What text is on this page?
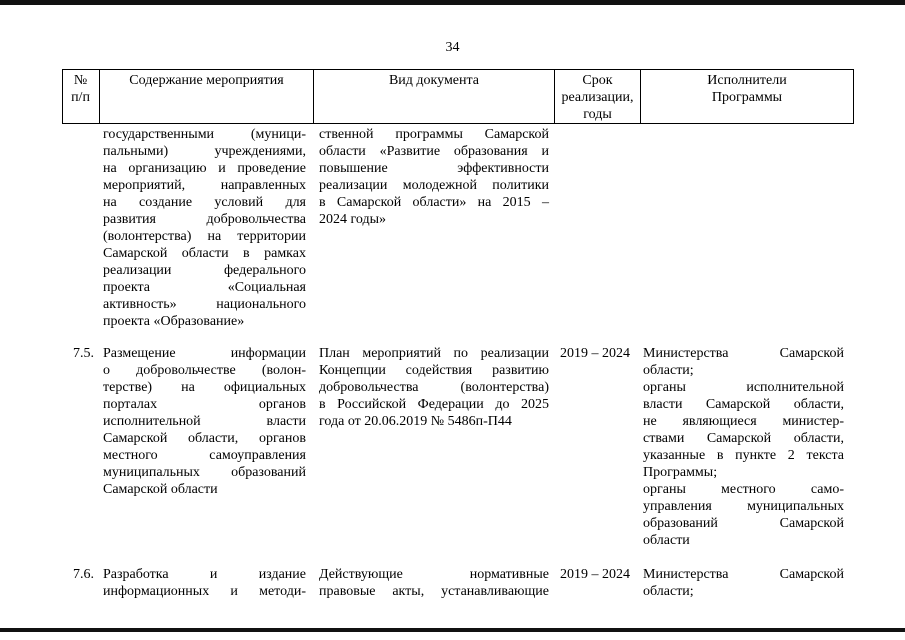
34
№
п/п
Содержание мероприятия	Вид документа	Срок
реализации,
годы
Исполнители
Программы
государственными (муници-
пальными) учреждениями,
на организацию и проведение
мероприятий, направленных
на создание условий для
развития добровольчества
(волонтерства) на территории
Самарской области в рамках
реализации федерального
проекта «Социальная
активность» национального
проекта «Образование»
ственной программы Самарской
области «Развитие образования и
повышение эффективности
реализации молодежной политики
в Самарской области» на 2015 –
2024 годы»
7.5. Размещение информации
о добровольчестве (волон-
терстве) на официальных
порталах органов
исполнительной власти
Самарской области, органов
местного самоуправления
муниципальных образований
Самарской области
План мероприятий по реализации
Концепции содействия развитию
добровольчества (волонтерства)
в Российской Федерации до 2025
года от 20.06.2019 № 5486п-П44
2019 – 2024 Министерства Самарской
области;
органы исполнительной
власти Самарской области,
не являющиеся министер-
ствами Самарской области,
указанные в пункте 2 текста
Программы;
органы местного само-
управления муниципальных
образований Самарской
области
7.6. Разработка и издание
информационных и методи-
Действующие нормативные
правовые акты, устанавливающие
2019 – 2024 Министерства Самарской
области;
